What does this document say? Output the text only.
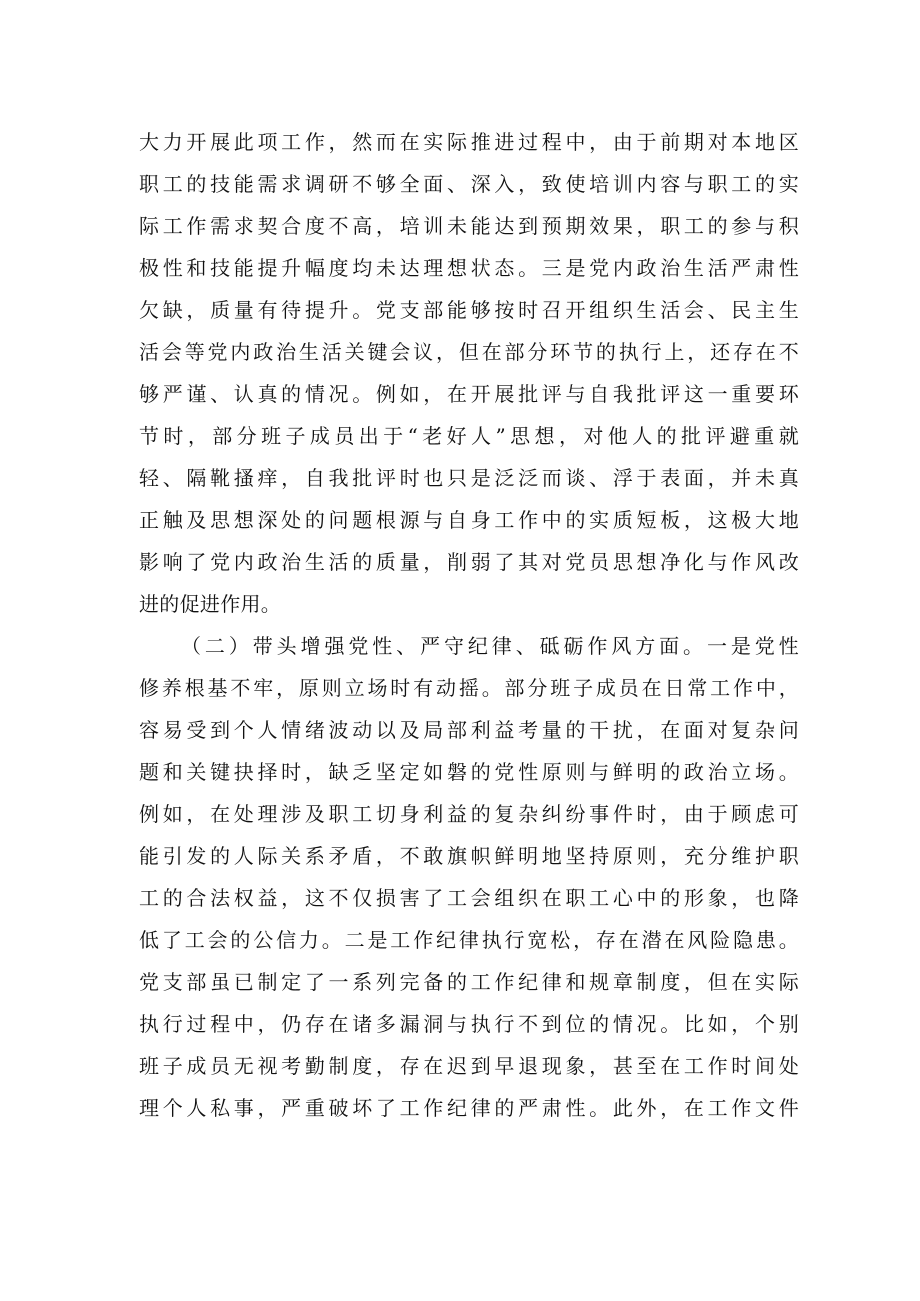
大力开展此项工作，然而在实际推进过程中，由于前期对本地区
职工的技能需求调研不够全面、深入，致使培训内容与职工的实
际工作需求契合度不高，培训未能达到预期效果，职工的参与积
极性和技能提升幅度均未达理想状态。三是党内政治生活严肃性
欠缺，质量有待提升。党支部能够按时召开组织生活会、民主生
活会等党内政治生活关键会议，但在部分环节的执行上，还存在不
够严谨、认真的情况。例如，在开展批评与自我批评这一重要环
节时，部分班子成员出于“老好人”思想，对他人的批评避重就
轻、隔靴搔痒，自我批评时也只是泛泛而谈、浮于表面，并未真
正触及思想深处的问题根源与自身工作中的实质短板，这极大地
影响了党内政治生活的质量，削弱了其对党员思想净化与作风改
进的促进作用。
（二）带头增强党性、严守纪律、砥砺作风方面。一是党性
修养根基不牢，原则立场时有动摇。部分班子成员在日常工作中，
容易受到个人情绪波动以及局部利益考量的干扰，在面对复杂问
题和关键抉择时，缺乏坚定如磐的党性原则与鲜明的政治立场。
例如，在处理涉及职工切身利益的复杂纠纷事件时，由于顾虑可
能引发的人际关系矛盾，不敢旗帜鲜明地坚持原则，充分维护职
工的合法权益，这不仅损害了工会组织在职工心中的形象，也降
低了工会的公信力。二是工作纪律执行宽松，存在潜在风险隐患。
党支部虽已制定了一系列完备的工作纪律和规章制度，但在实际
执行过程中，仍存在诸多漏洞与执行不到位的情况。比如，个别
班子成员无视考勤制度，存在迟到早退现象，甚至在工作时间处
理个人私事，严重破坏了工作纪律的严肃性。此外，在工作文件
